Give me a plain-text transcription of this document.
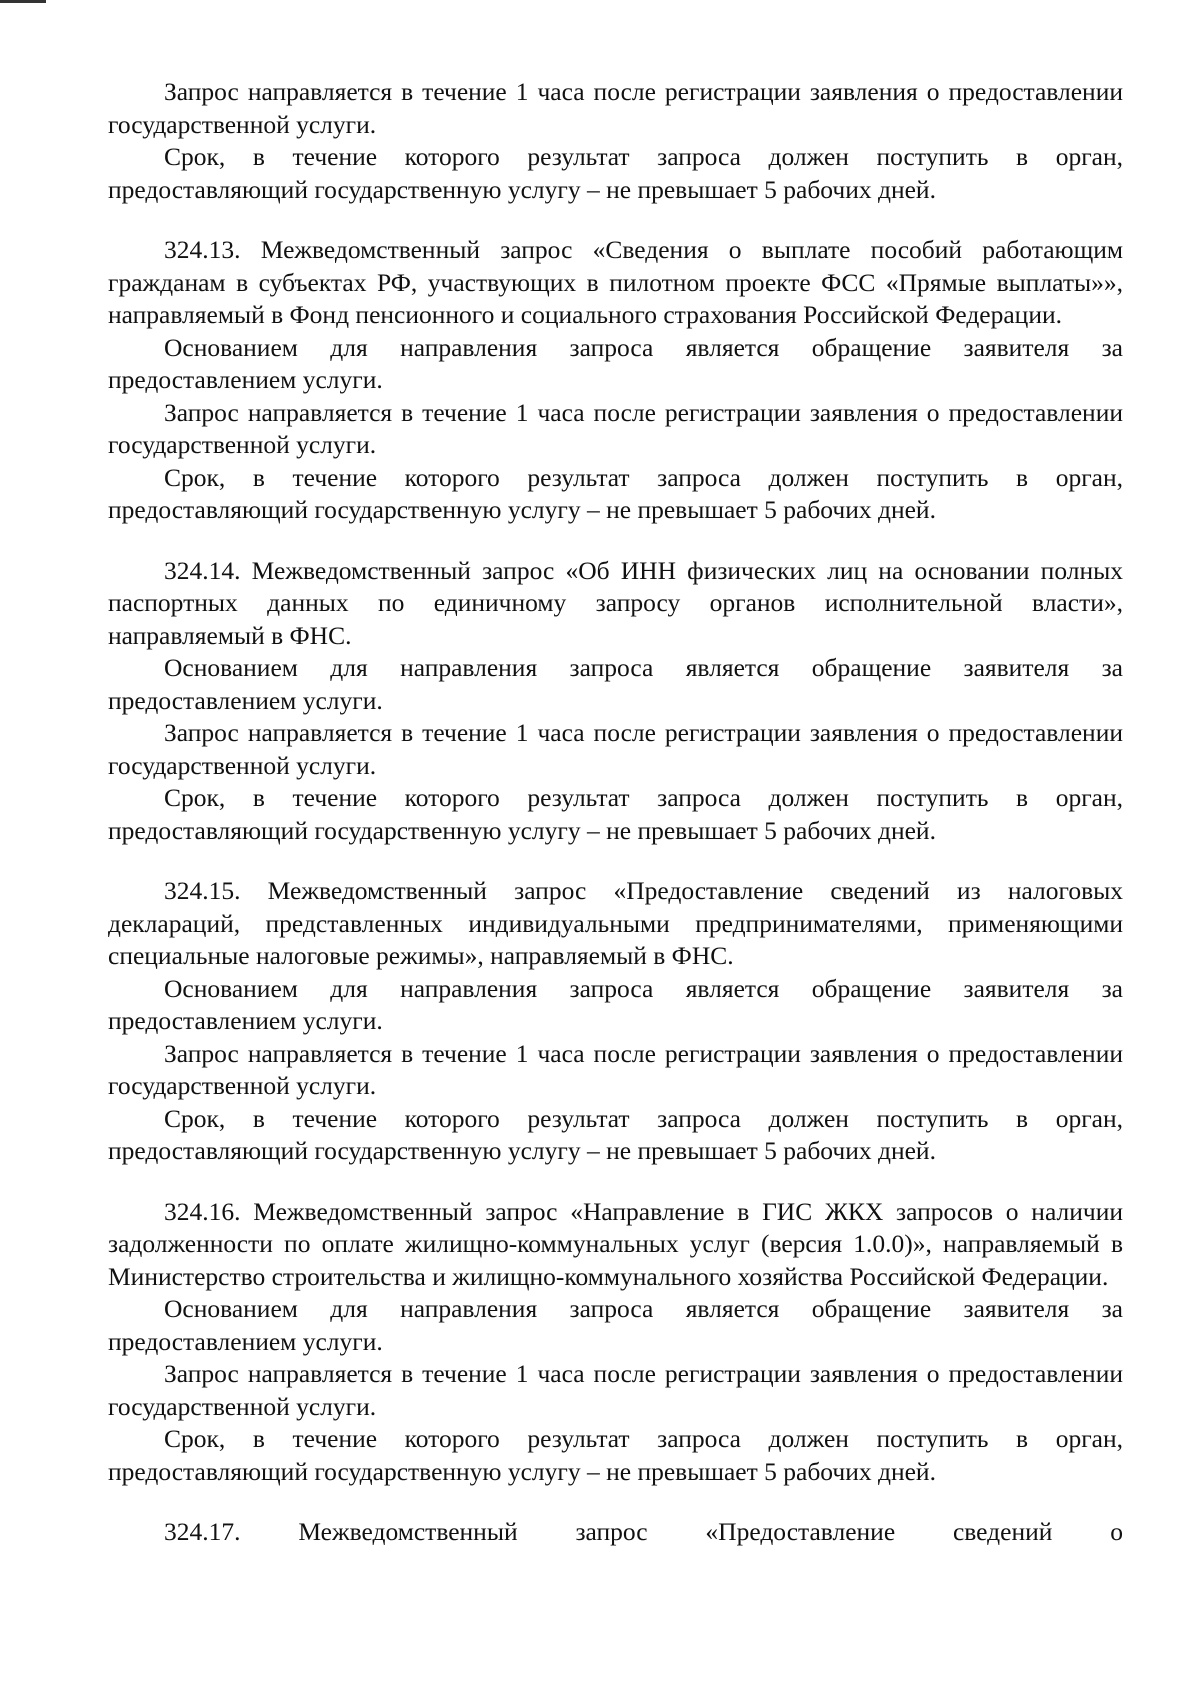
Запрос направляется в течение 1 часа после регистрации заявления о предоставлении государственной услуги.

Срок, в течение которого результат запроса должен поступить в орган, предоставляющий государственную услугу – не превышает 5 рабочих дней.

324.13. Межведомственный запрос «Сведения о выплате пособий работающим гражданам в субъектах РФ, участвующих в пилотном проекте ФСС «Прямые выплаты»», направляемый в Фонд пенсионного и социального страхования Российской Федерации.

Основанием для направления запроса является обращение заявителя за предоставлением услуги.

Запрос направляется в течение 1 часа после регистрации заявления о предоставлении государственной услуги.

Срок, в течение которого результат запроса должен поступить в орган, предоставляющий государственную услугу – не превышает 5 рабочих дней.

324.14. Межведомственный запрос «Об ИНН физических лиц на основании полных паспортных данных по единичному запросу органов исполнительной власти», направляемый в ФНС.

Основанием для направления запроса является обращение заявителя за предоставлением услуги.

Запрос направляется в течение 1 часа после регистрации заявления о предоставлении государственной услуги.

Срок, в течение которого результат запроса должен поступить в орган, предоставляющий государственную услугу – не превышает 5 рабочих дней.

324.15. Межведомственный запрос «Предоставление сведений из налоговых деклараций, представленных индивидуальными предпринимателями, применяющими специальные налоговые режимы», направляемый в ФНС.

Основанием для направления запроса является обращение заявителя за предоставлением услуги.

Запрос направляется в течение 1 часа после регистрации заявления о предоставлении государственной услуги.

Срок, в течение которого результат запроса должен поступить в орган, предоставляющий государственную услугу – не превышает 5 рабочих дней.

324.16. Межведомственный запрос «Направление в ГИС ЖКХ запросов о наличии задолженности по оплате жилищно-коммунальных услуг (версия 1.0.0)», направляемый в Министерство строительства и жилищно-коммунального хозяйства Российской Федерации.

Основанием для направления запроса является обращение заявителя за предоставлением услуги.

Запрос направляется в течение 1 часа после регистрации заявления о предоставлении государственной услуги.

Срок, в течение которого результат запроса должен поступить в орган, предоставляющий государственную услугу – не превышает 5 рабочих дней.

324.17. Межведомственный запрос «Предоставление сведений о
